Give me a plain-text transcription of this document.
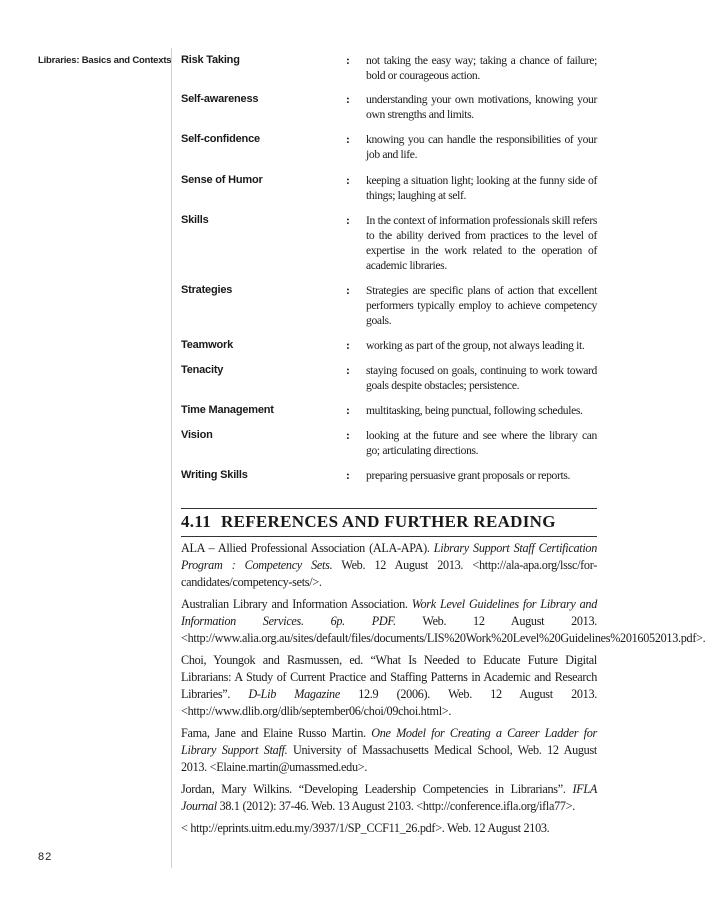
Libraries: Basics and Contexts
82
Risk Taking	:	not taking the easy way; taking a chance of failure; bold or courageous action.
Self-awareness	:	understanding your own motivations, knowing your own strengths and limits.
Self-confidence	:	knowing you can handle the responsibilities of your job and life.
Sense of Humor	:	keeping a situation light; looking at the funny side of things; laughing at self.
Skills	:	In the context of information professionals skill refers to the ability derived from practices to the level of expertise in the work related to the operation of academic libraries.
Strategies	:	Strategies are specific plans of action that excellent performers typically employ to achieve competency goals.
Teamwork	:	working as part of the group, not always leading it.
Tenacity	:	staying focused on goals, continuing to work toward goals despite obstacles; persistence.
Time Management	:	multitasking, being punctual, following schedules.
Vision	:	looking at the future and see where the library can go; articulating directions.
Writing Skills	:	preparing persuasive grant proposals or reports.
4.11 REFERENCES AND FURTHER READING

ALA – Allied Professional Association (ALA-APA). Library Support Staff Certification Program : Competency Sets. Web. 12 August 2013. <http://ala-apa.org/lssc/for-candidates/competency-sets/>.

Australian Library and Information Association. Work Level Guidelines for Library and Information Services. 6p. PDF. Web. 12 August 2013. <http://www.alia.org.au/sites/default/files/documents/LIS%20Work%20Level%20Guidelines%2016052013.pdf>.

Choi, Youngok and Rasmussen, ed. “What Is Needed to Educate Future Digital Librarians: A Study of Current Practice and Staffing Patterns in Academic and Research Libraries”. D-Lib Magazine 12.9 (2006). Web. 12 August 2013. <http://www.dlib.org/dlib/september06/choi/09choi.html>.

Fama, Jane and Elaine Russo Martin. One Model for Creating a Career Ladder for Library Support Staff. University of Massachusetts Medical School, Web. 12 August 2013. <Elaine.martin@umassmed.edu>.

Jordan, Mary Wilkins. “Developing Leadership Competencies in Librarians”. IFLA Journal 38.1 (2012): 37-46. Web. 13 August 2103. <http://conference.ifla.org/ifla77>.

< http://eprints.uitm.edu.my/3937/1/SP_CCF11_26.pdf>. Web. 12 August 2103.
